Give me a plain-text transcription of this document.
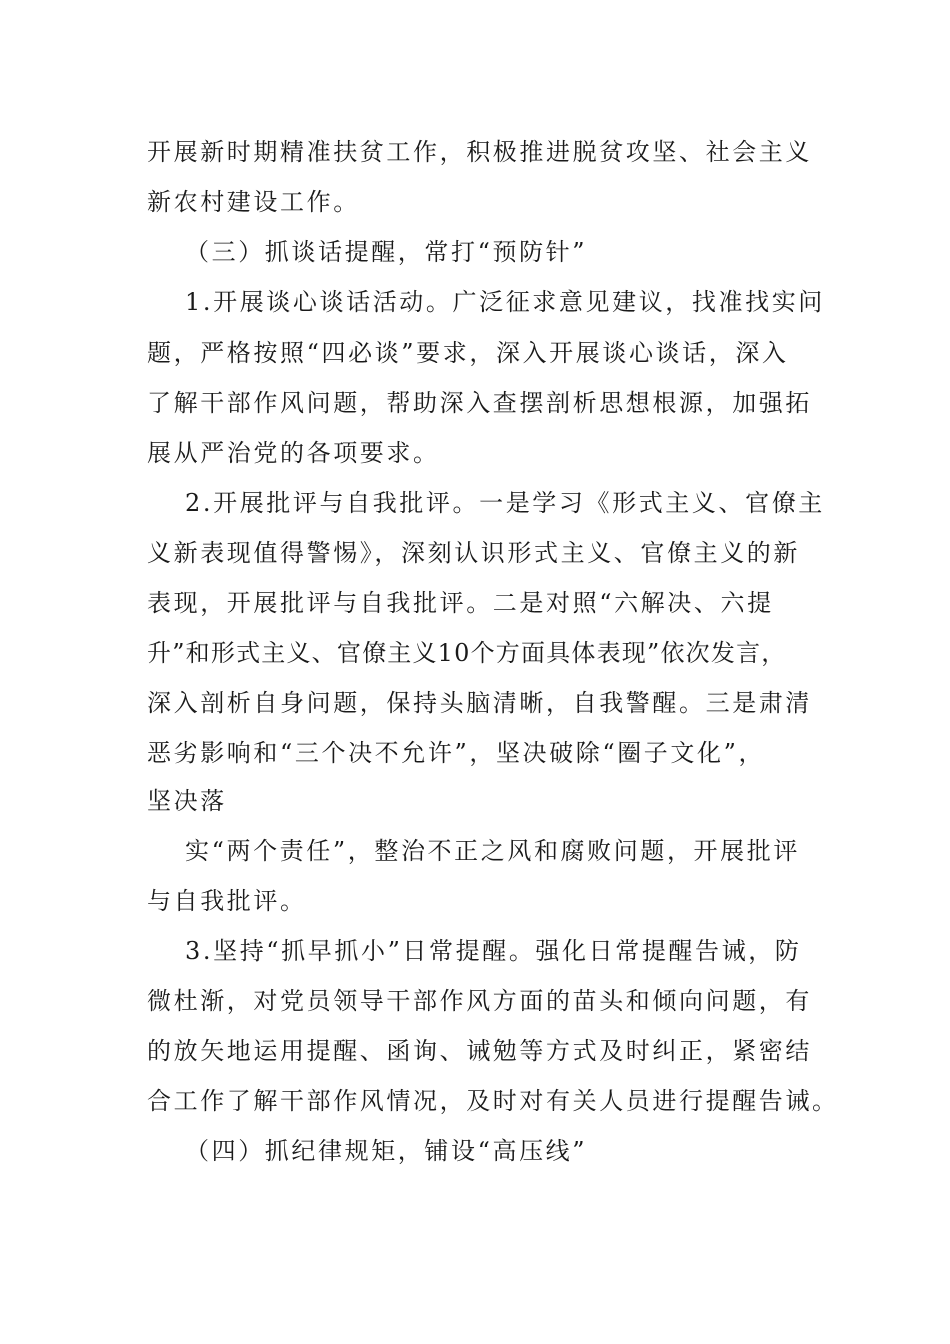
开展新时期精准扶贫工作，积极推进脱贫攻坚、社会主义
新农村建设工作。
（三）抓谈话提醒，常打“预防针”
1.开展谈心谈话活动。广泛征求意见建议，找准找实问
题，严格按照“四必谈”要求，深入开展谈心谈话，深入
了解干部作风问题，帮助深入查摆剖析思想根源，加强拓
展从严治党的各项要求。
2.开展批评与自我批评。一是学习《形式主义、官僚主
义新表现值得警惕》，深刻认识形式主义、官僚主义的新
表现，开展批评与自我批评。二是对照“六解决、六提
升”和形式主义、官僚主义10个方面具体表现”依次发言，
深入剖析自身问题，保持头脑清晰，自我警醒。三是肃清
恶劣影响和“三个决不允许”，坚决破除“圈子文化”，
坚决落
实“两个责任”，整治不正之风和腐败问题，开展批评
与自我批评。
3.坚持“抓早抓小”日常提醒。强化日常提醒告诫，防
微杜渐，对党员领导干部作风方面的苗头和倾向问题，有
的放矢地运用提醒、函询、诫勉等方式及时纠正，紧密结
合工作了解干部作风情况，及时对有关人员进行提醒告诫。
（四）抓纪律规矩，铺设“高压线”
